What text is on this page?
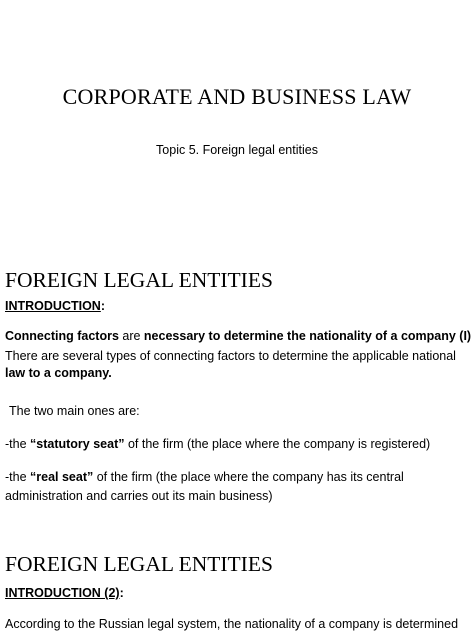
CORPORATE AND BUSINESS LAW
Topic 5. Foreign legal entities
FOREIGN LEGAL ENTITIES
INTRODUCTION:
Connecting factors are necessary to determine the nationality of a company (I)
There are several types of connecting factors to determine the applicable national
law to a company.
The two main ones are:
-the “statutory seat” of the firm (the place where the company is registered)
-the “real seat” of the firm (the place where the company has its central
administration and carries out its main business)
FOREIGN LEGAL ENTITIES
INTRODUCTION (2):
According to the Russian legal system, the nationality of a company is determined
